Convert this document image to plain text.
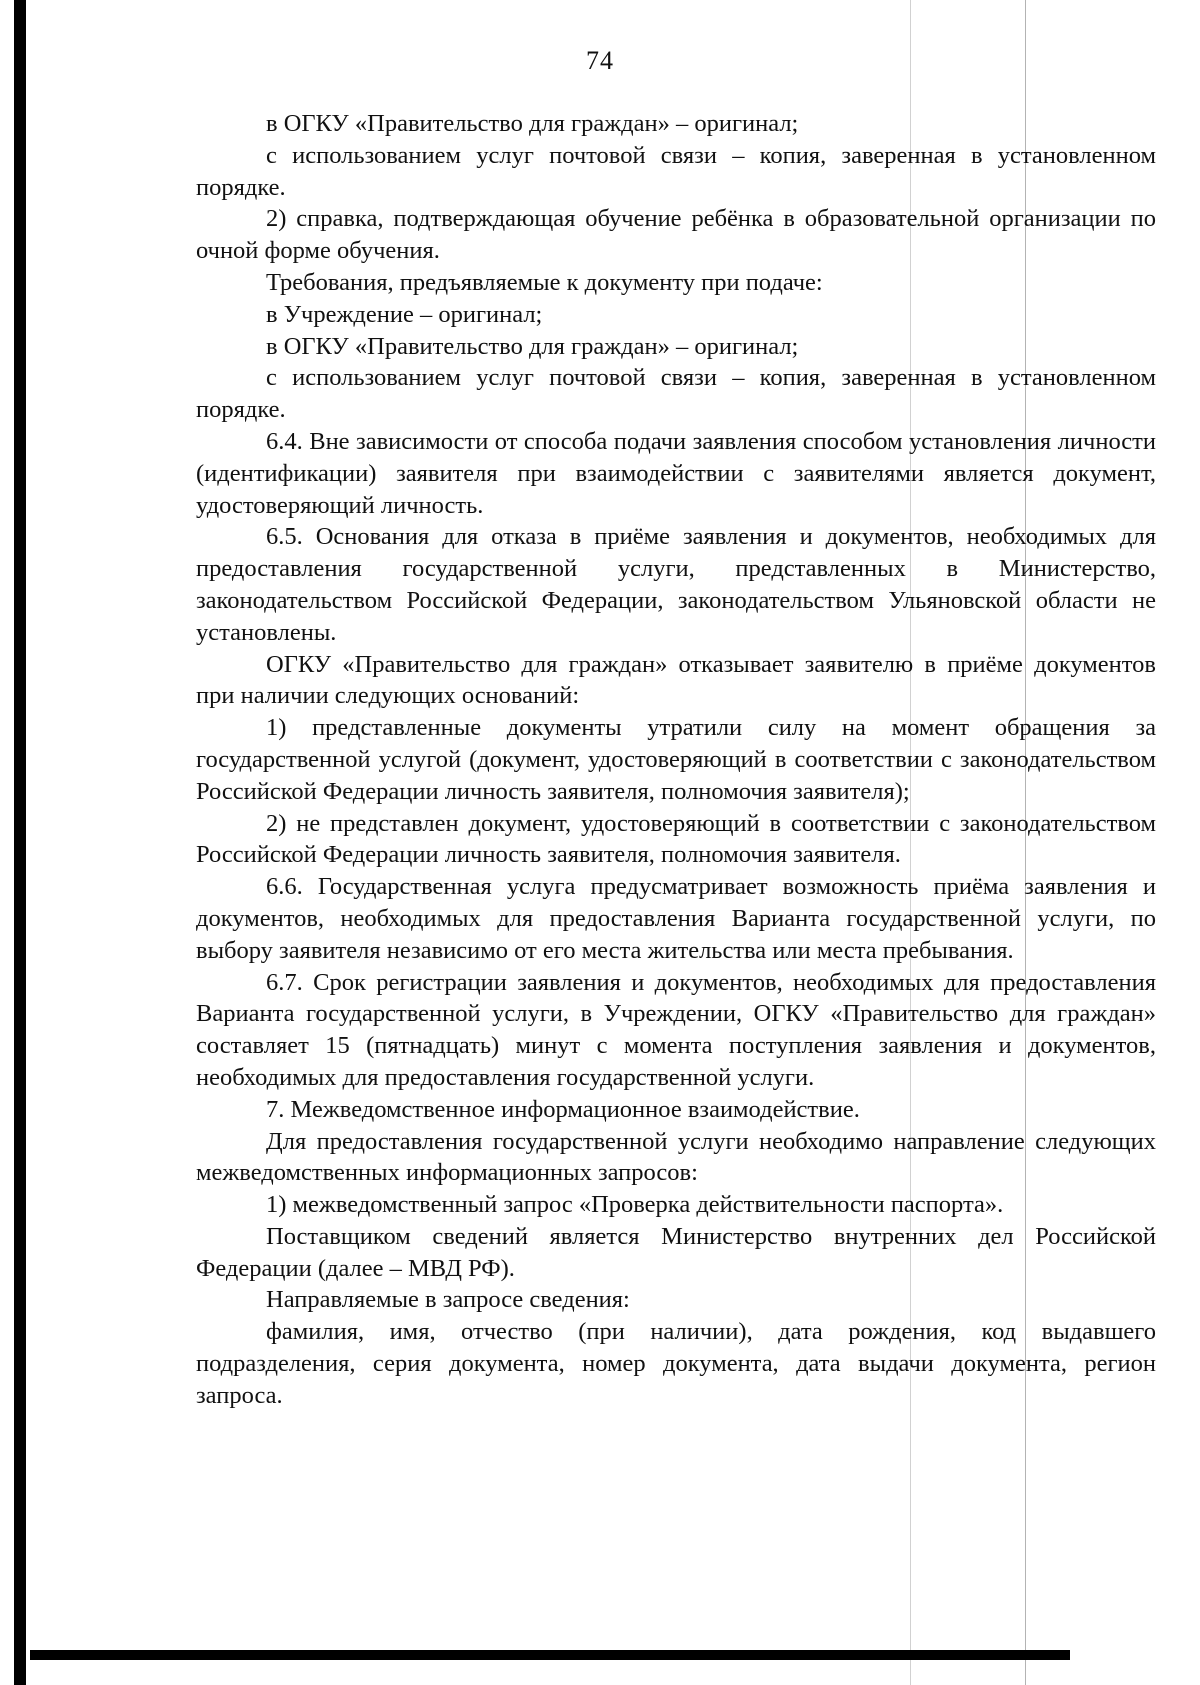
74

в ОГКУ «Правительство для граждан» – оригинал;

с использованием услуг почтовой связи – копия, заверенная в установленном порядке.

2) справка, подтверждающая обучение ребёнка в образовательной организации по очной форме обучения.

Требования, предъявляемые к документу при подаче:

в Учреждение – оригинал;

в ОГКУ «Правительство для граждан» – оригинал;

с использованием услуг почтовой связи – копия, заверенная в установленном порядке.

6.4. Вне зависимости от способа подачи заявления способом установления личности (идентификации) заявителя при взаимодействии с заявителями является документ, удостоверяющий личность.

6.5. Основания для отказа в приёме заявления и документов, необходимых для предоставления государственной услуги, представленных в Министерство, законодательством Российской Федерации, законодательством Ульяновской области не установлены.

ОГКУ «Правительство для граждан» отказывает заявителю в приёме документов при наличии следующих оснований:

1) представленные документы утратили силу на момент обращения за государственной услугой (документ, удостоверяющий в соответствии с законодательством Российской Федерации личность заявителя, полномочия заявителя);

2) не представлен документ, удостоверяющий в соответствии с законодательством Российской Федерации личность заявителя, полномочия заявителя.

6.6. Государственная услуга предусматривает возможность приёма заявления и документов, необходимых для предоставления Варианта государственной услуги, по выбору заявителя независимо от его места жительства или места пребывания.

6.7. Срок регистрации заявления и документов, необходимых для предоставления Варианта государственной услуги, в Учреждении, ОГКУ «Правительство для граждан» составляет 15 (пятнадцать) минут с момента поступления заявления и документов, необходимых для предоставления государственной услуги.

7. Межведомственное информационное взаимодействие.

Для предоставления государственной услуги необходимо направление следующих межведомственных информационных запросов:

1) межведомственный запрос «Проверка действительности паспорта».

Поставщиком сведений является Министерство внутренних дел Российской Федерации (далее – МВД РФ).

Направляемые в запросе сведения:

фамилия, имя, отчество (при наличии), дата рождения, код выдавшего подразделения, серия документа, номер документа, дата выдачи документа, регион запроса.
